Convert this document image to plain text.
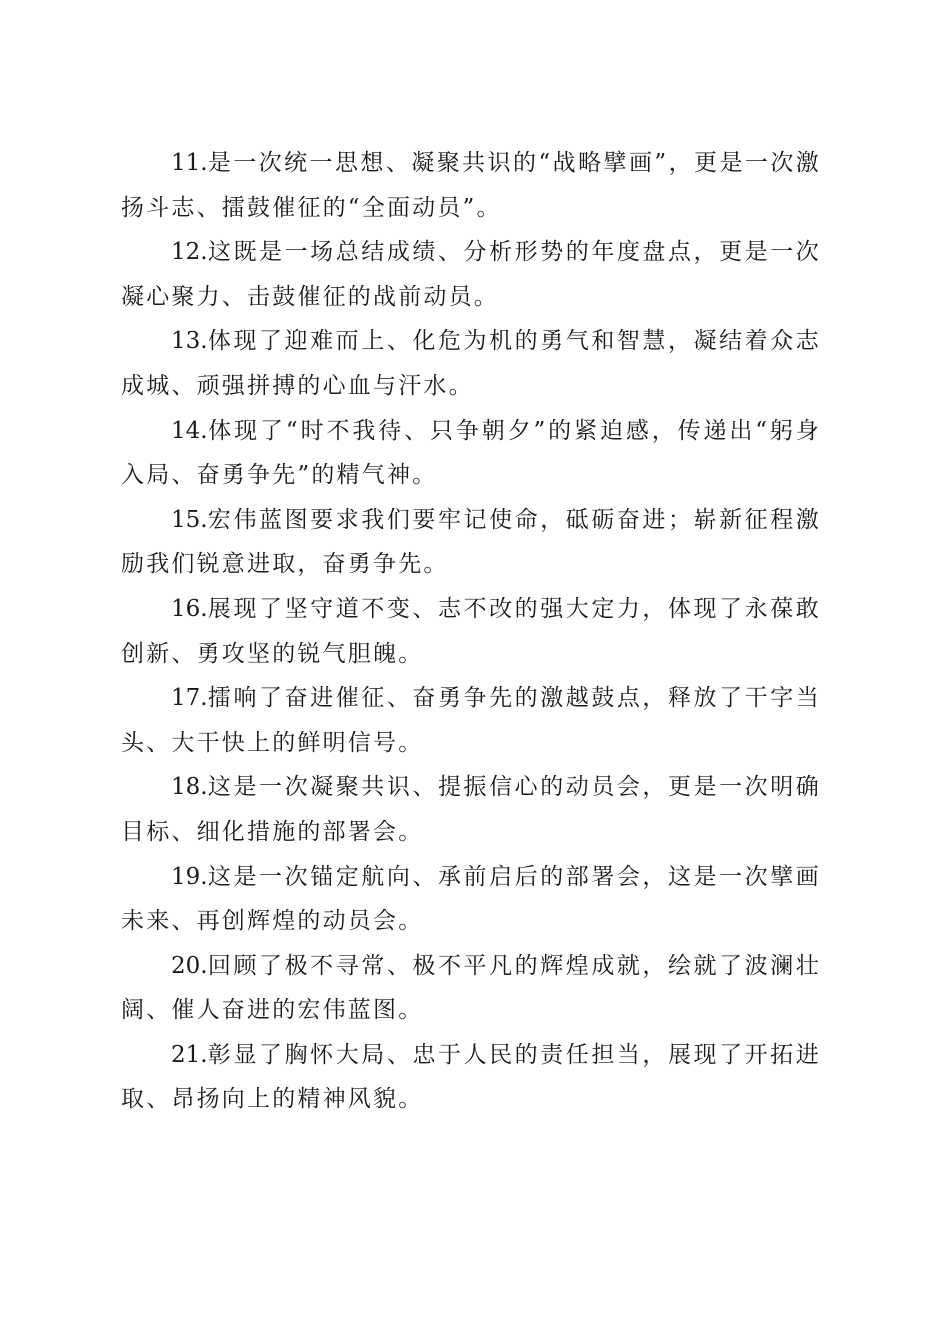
11.是一次统一思想、凝聚共识的“战略擘画”，更是一次激扬斗志、擂鼓催征的“全面动员”。

12.这既是一场总结成绩、分析形势的年度盘点，更是一次凝心聚力、击鼓催征的战前动员。

13.体现了迎难而上、化危为机的勇气和智慧，凝结着众志成城、顽强拼搏的心血与汗水。

14.体现了“时不我待、只争朝夕”的紧迫感，传递出“躬身入局、奋勇争先”的精气神。

15.宏伟蓝图要求我们要牢记使命，砥砺奋进；崭新征程激励我们锐意进取，奋勇争先。

16.展现了坚守道不变、志不改的强大定力，体现了永葆敢创新、勇攻坚的锐气胆魄。

17.擂响了奋进催征、奋勇争先的激越鼓点，释放了干字当头、大干快上的鲜明信号。

18.这是一次凝聚共识、提振信心的动员会，更是一次明确目标、细化措施的部署会。

19.这是一次锚定航向、承前启后的部署会，这是一次擘画未来、再创辉煌的动员会。

20.回顾了极不寻常、极不平凡的辉煌成就，绘就了波澜壮阔、催人奋进的宏伟蓝图。

21.彰显了胸怀大局、忠于人民的责任担当，展现了开拓进取、昂扬向上的精神风貌。
